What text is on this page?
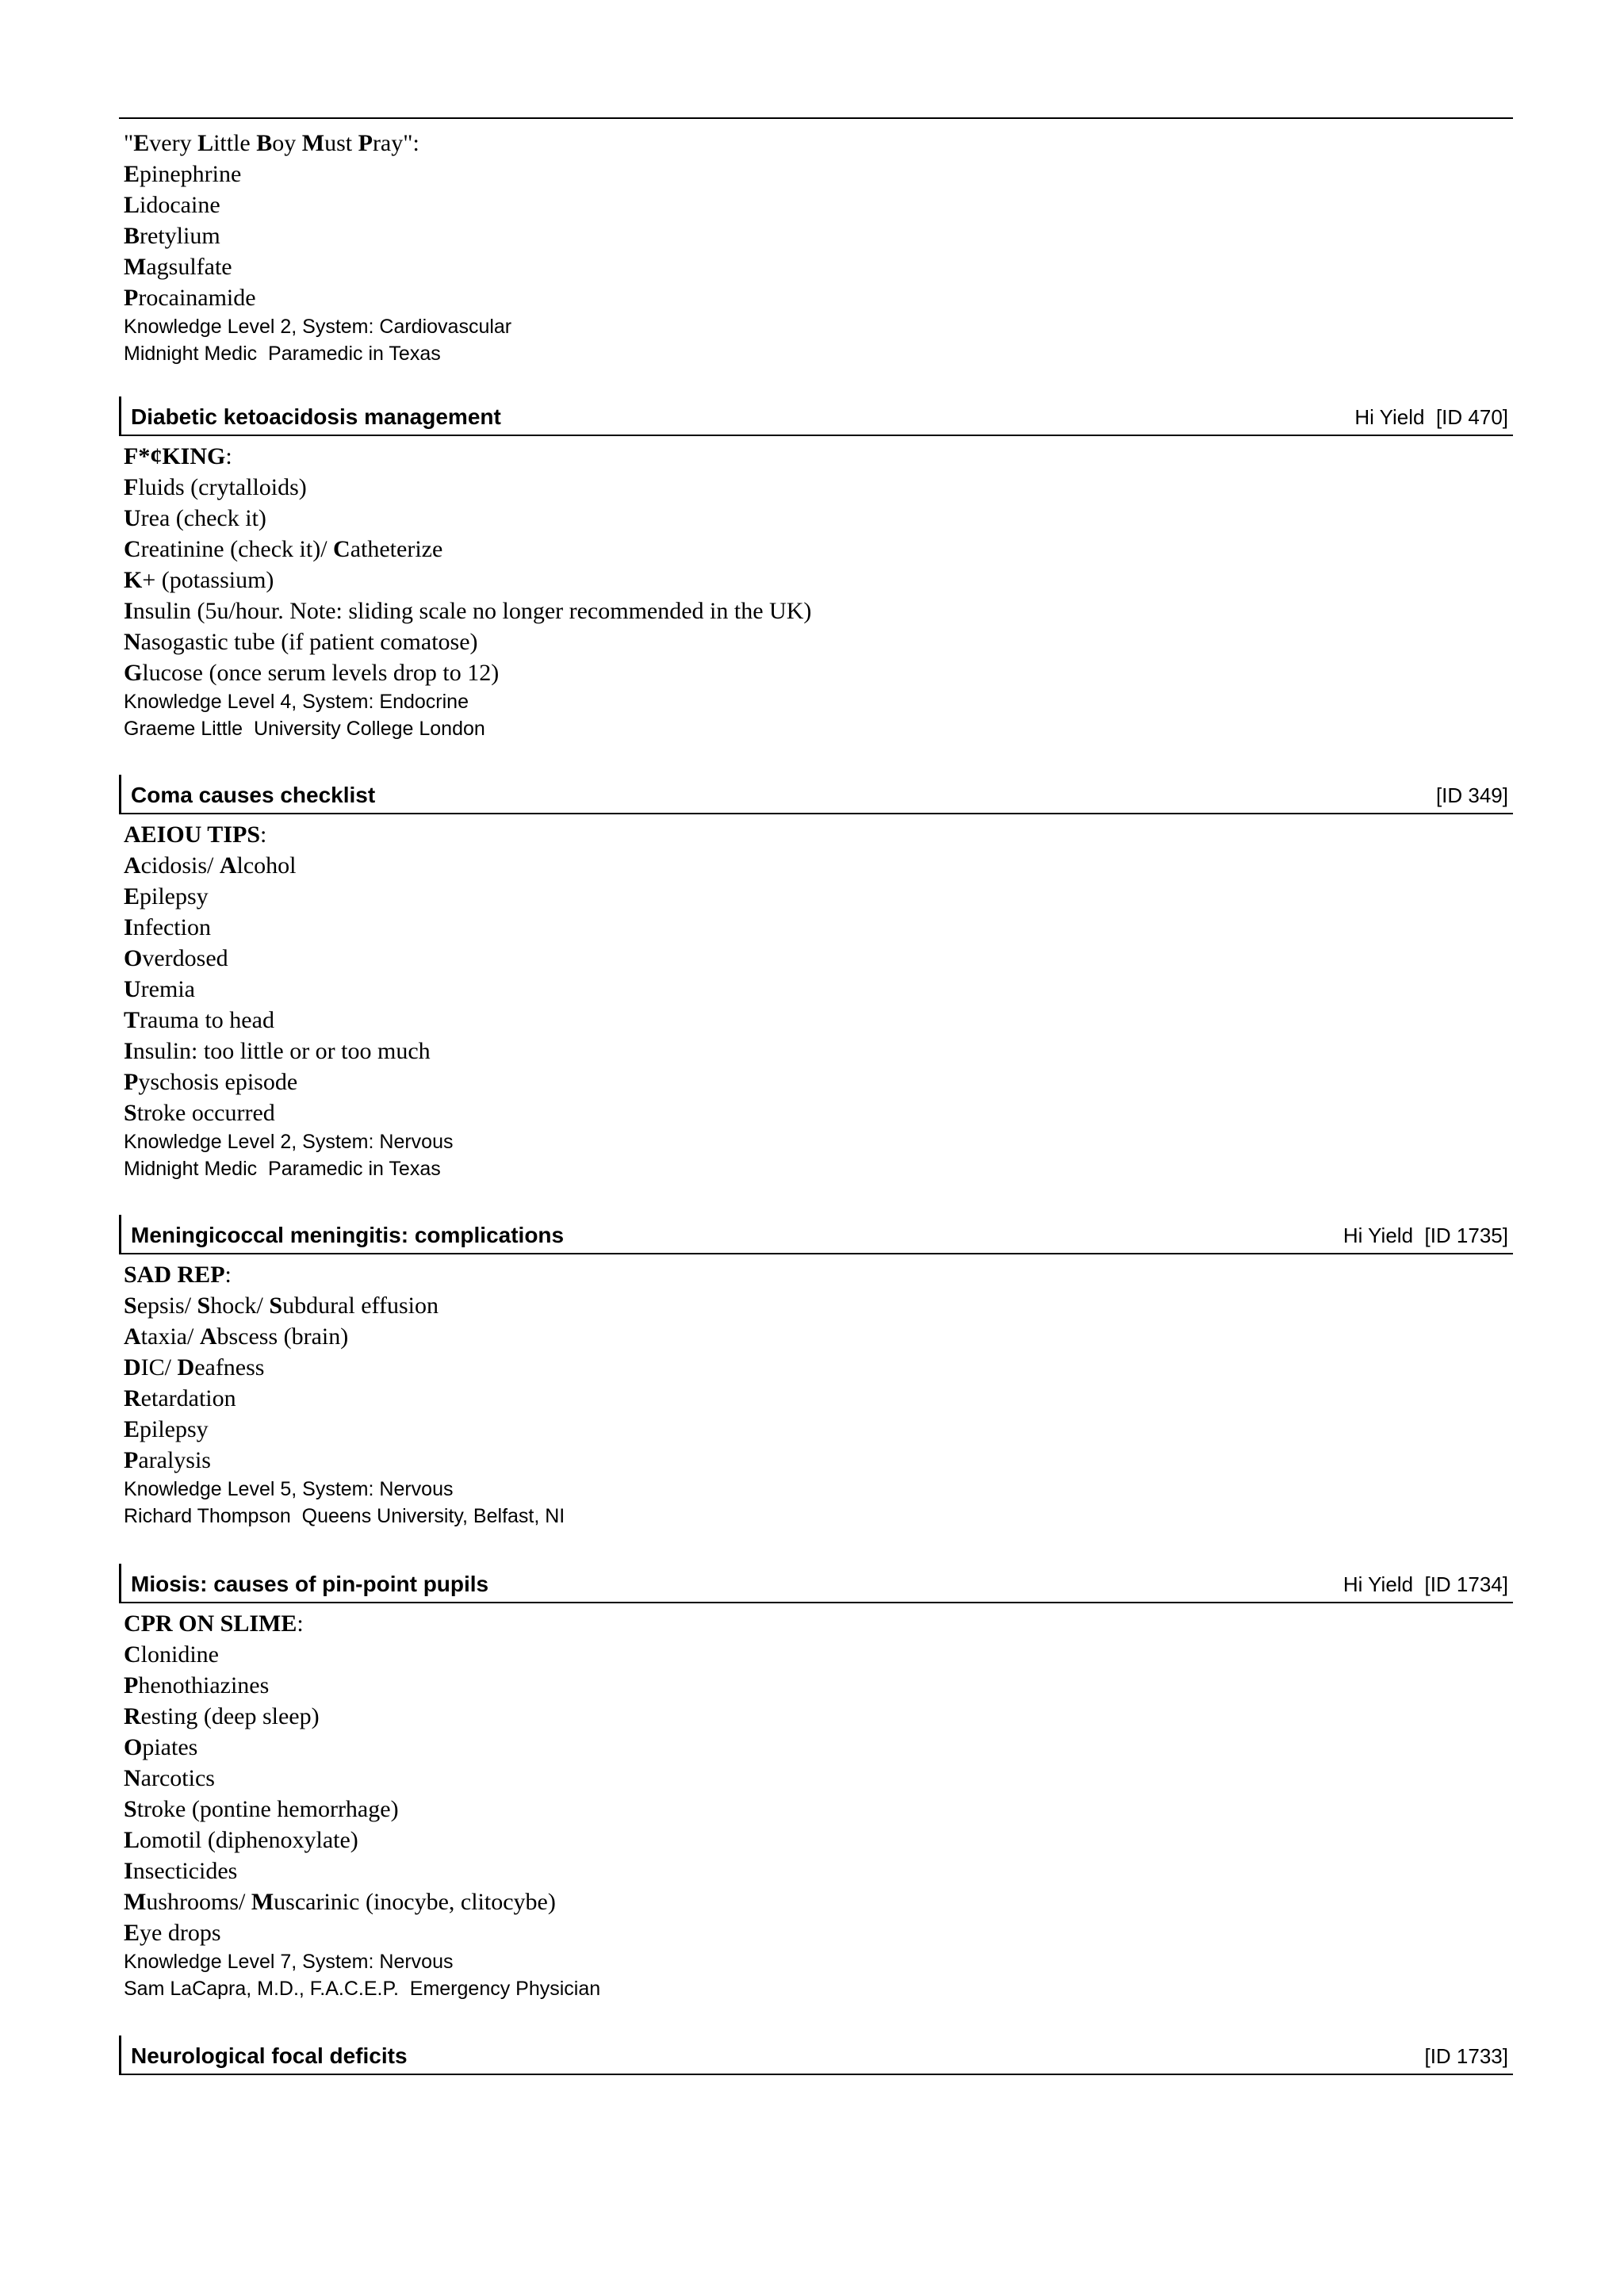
"Every Little Boy Must Pray":
Epinephrine
Lidocaine
Bretylium
Magsulfate
Procainamide
Knowledge Level 2, System: Cardiovascular
Midnight Medic  Paramedic in Texas
Diabetic ketoacidosis management	Hi Yield  [ID 470]
F*¢KING:
Fluids (crytalloids)
Urea (check it)
Creatinine (check it)/ Catheterize
K+ (potassium)
Insulin (5u/hour. Note: sliding scale no longer recommended in the UK)
Nasogastic tube (if patient comatose)
Glucose (once serum levels drop to 12)
Knowledge Level 4, System: Endocrine
Graeme Little  University College London
Coma causes checklist	[ID 349]
AEIOU TIPS:
Acidosis/ Alcohol
Epilepsy
Infection
Overdosed
Uremia
Trauma to head
Insulin: too little or or too much
Pyschosis episode
Stroke occurred
Knowledge Level 2, System: Nervous
Midnight Medic  Paramedic in Texas
Meningicoccal meningitis: complications	Hi Yield  [ID 1735]
SAD REP:
Sepsis/ Shock/ Subdural effusion
Ataxia/ Abscess (brain)
DIC/ Deafness
Retardation
Epilepsy
Paralysis
Knowledge Level 5, System: Nervous
Richard Thompson  Queens University, Belfast, NI
Miosis: causes of pin-point pupils	Hi Yield  [ID 1734]
CPR ON SLIME:
Clonidine
Phenothiazines
Resting (deep sleep)
Opiates
Narcotics
Stroke (pontine hemorrhage)
Lomotil (diphenoxylate)
Insecticides
Mushrooms/ Muscarinic (inocybe, clitocybe)
Eye drops
Knowledge Level 7, System: Nervous
Sam LaCapra, M.D., F.A.C.E.P.  Emergency Physician
Neurological focal deficits	[ID 1733]
